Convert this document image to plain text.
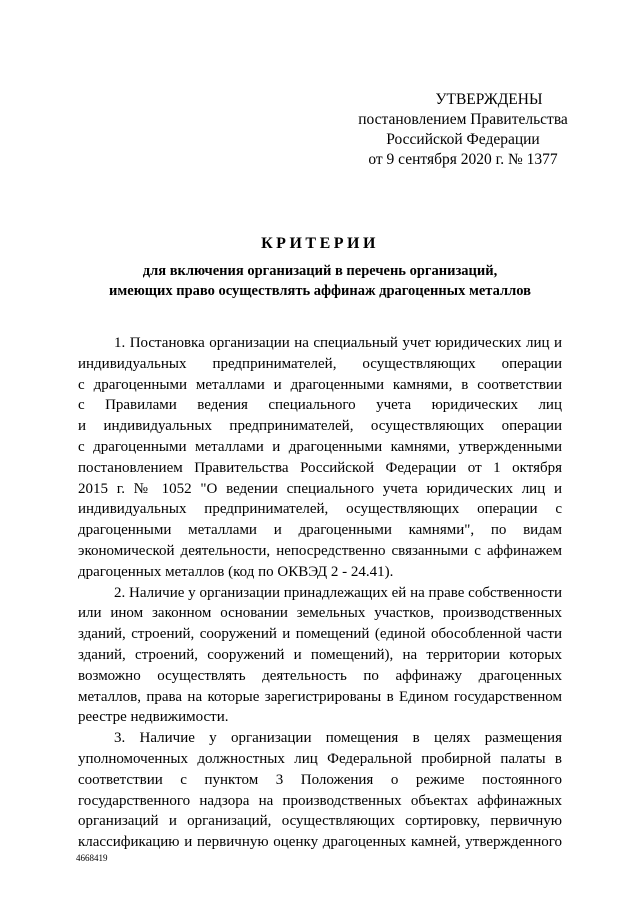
УТВЕРЖДЕНЫ
постановлением Правительства
Российской Федерации
от 9 сентября 2020 г. № 1377
КРИТЕРИИ
для включения организаций в перечень организаций,
имеющих право осуществлять аффинаж драгоценных металлов
1. Постановка организации на специальный учет юридических лиц и
индивидуальных предпринимателей, осуществляющих операции
с драгоценными металлами и драгоценными камнями, в соответствии
с Правилами ведения специального учета юридических лиц
и индивидуальных предпринимателей, осуществляющих операции
с драгоценными металлами и драгоценными камнями, утвержденными
постановлением Правительства Российской Федерации от 1 октября
2015 г. № 1052 "О ведении специального учета юридических лиц и
индивидуальных предпринимателей, осуществляющих операции с
драгоценными металлами и драгоценными камнями", по видам
экономической деятельности, непосредственно связанными с аффинажем
драгоценных металлов (код по ОКВЭД 2 - 24.41).
2. Наличие у организации принадлежащих ей на праве собственности
или ином законном основании земельных участков, производственных
зданий, строений, сооружений и помещений (единой обособленной части
зданий, строений, сооружений и помещений), на территории которых
возможно осуществлять деятельность по аффинажу драгоценных
металлов, права на которые зарегистрированы в Едином государственном
реестре недвижимости.
3. Наличие у организации помещения в целях размещения
уполномоченных должностных лиц Федеральной пробирной палаты в
соответствии с пунктом 3 Положения о режиме постоянного
государственного надзора на производственных объектах аффинажных
организаций и организаций, осуществляющих сортировку, первичную
классификацию и первичную оценку драгоценных камней, утвержденного
4668419
